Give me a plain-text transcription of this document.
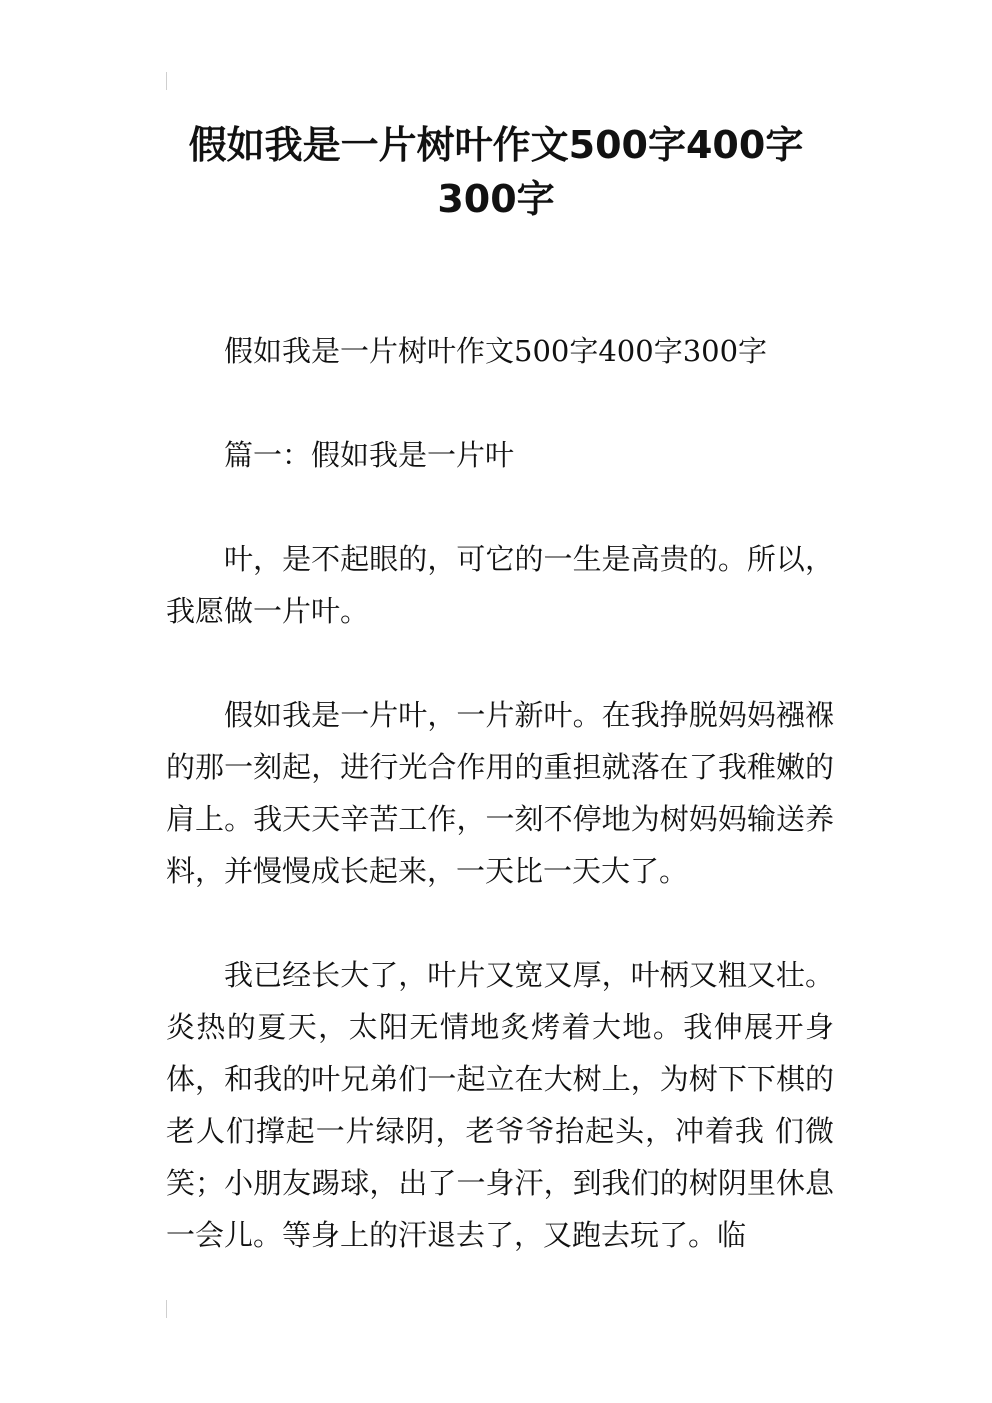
假如我是一片树叶作文500字400字
300字

假如我是一片树叶作文500字400字300字

篇一：假如我是一片叶

叶，是不起眼的，可它的一生是高贵的。所以，我愿做一片叶。

假如我是一片叶，一片新叶。在我挣脱妈妈襁褓的那一刻起，进行光合作用的重担就落在了我稚嫩的肩上。我天天辛苦工作，一刻不停地为树妈妈输送养料，并慢慢成长起来，一天比一天大了。

我已经长大了，叶片又宽又厚，叶柄又粗又壮。炎热的夏天，太阳无情地炙烤着大地。我伸展开身体，和我的叶兄弟们一起立在大树上，为树下下棋的老人们撑起一片绿阴，老爷爷抬起头，冲着我 们微笑；小朋友踢球，出了一身汗，到我们的树阴里休息一会儿。等身上的汗退去了，又跑去玩了。临
